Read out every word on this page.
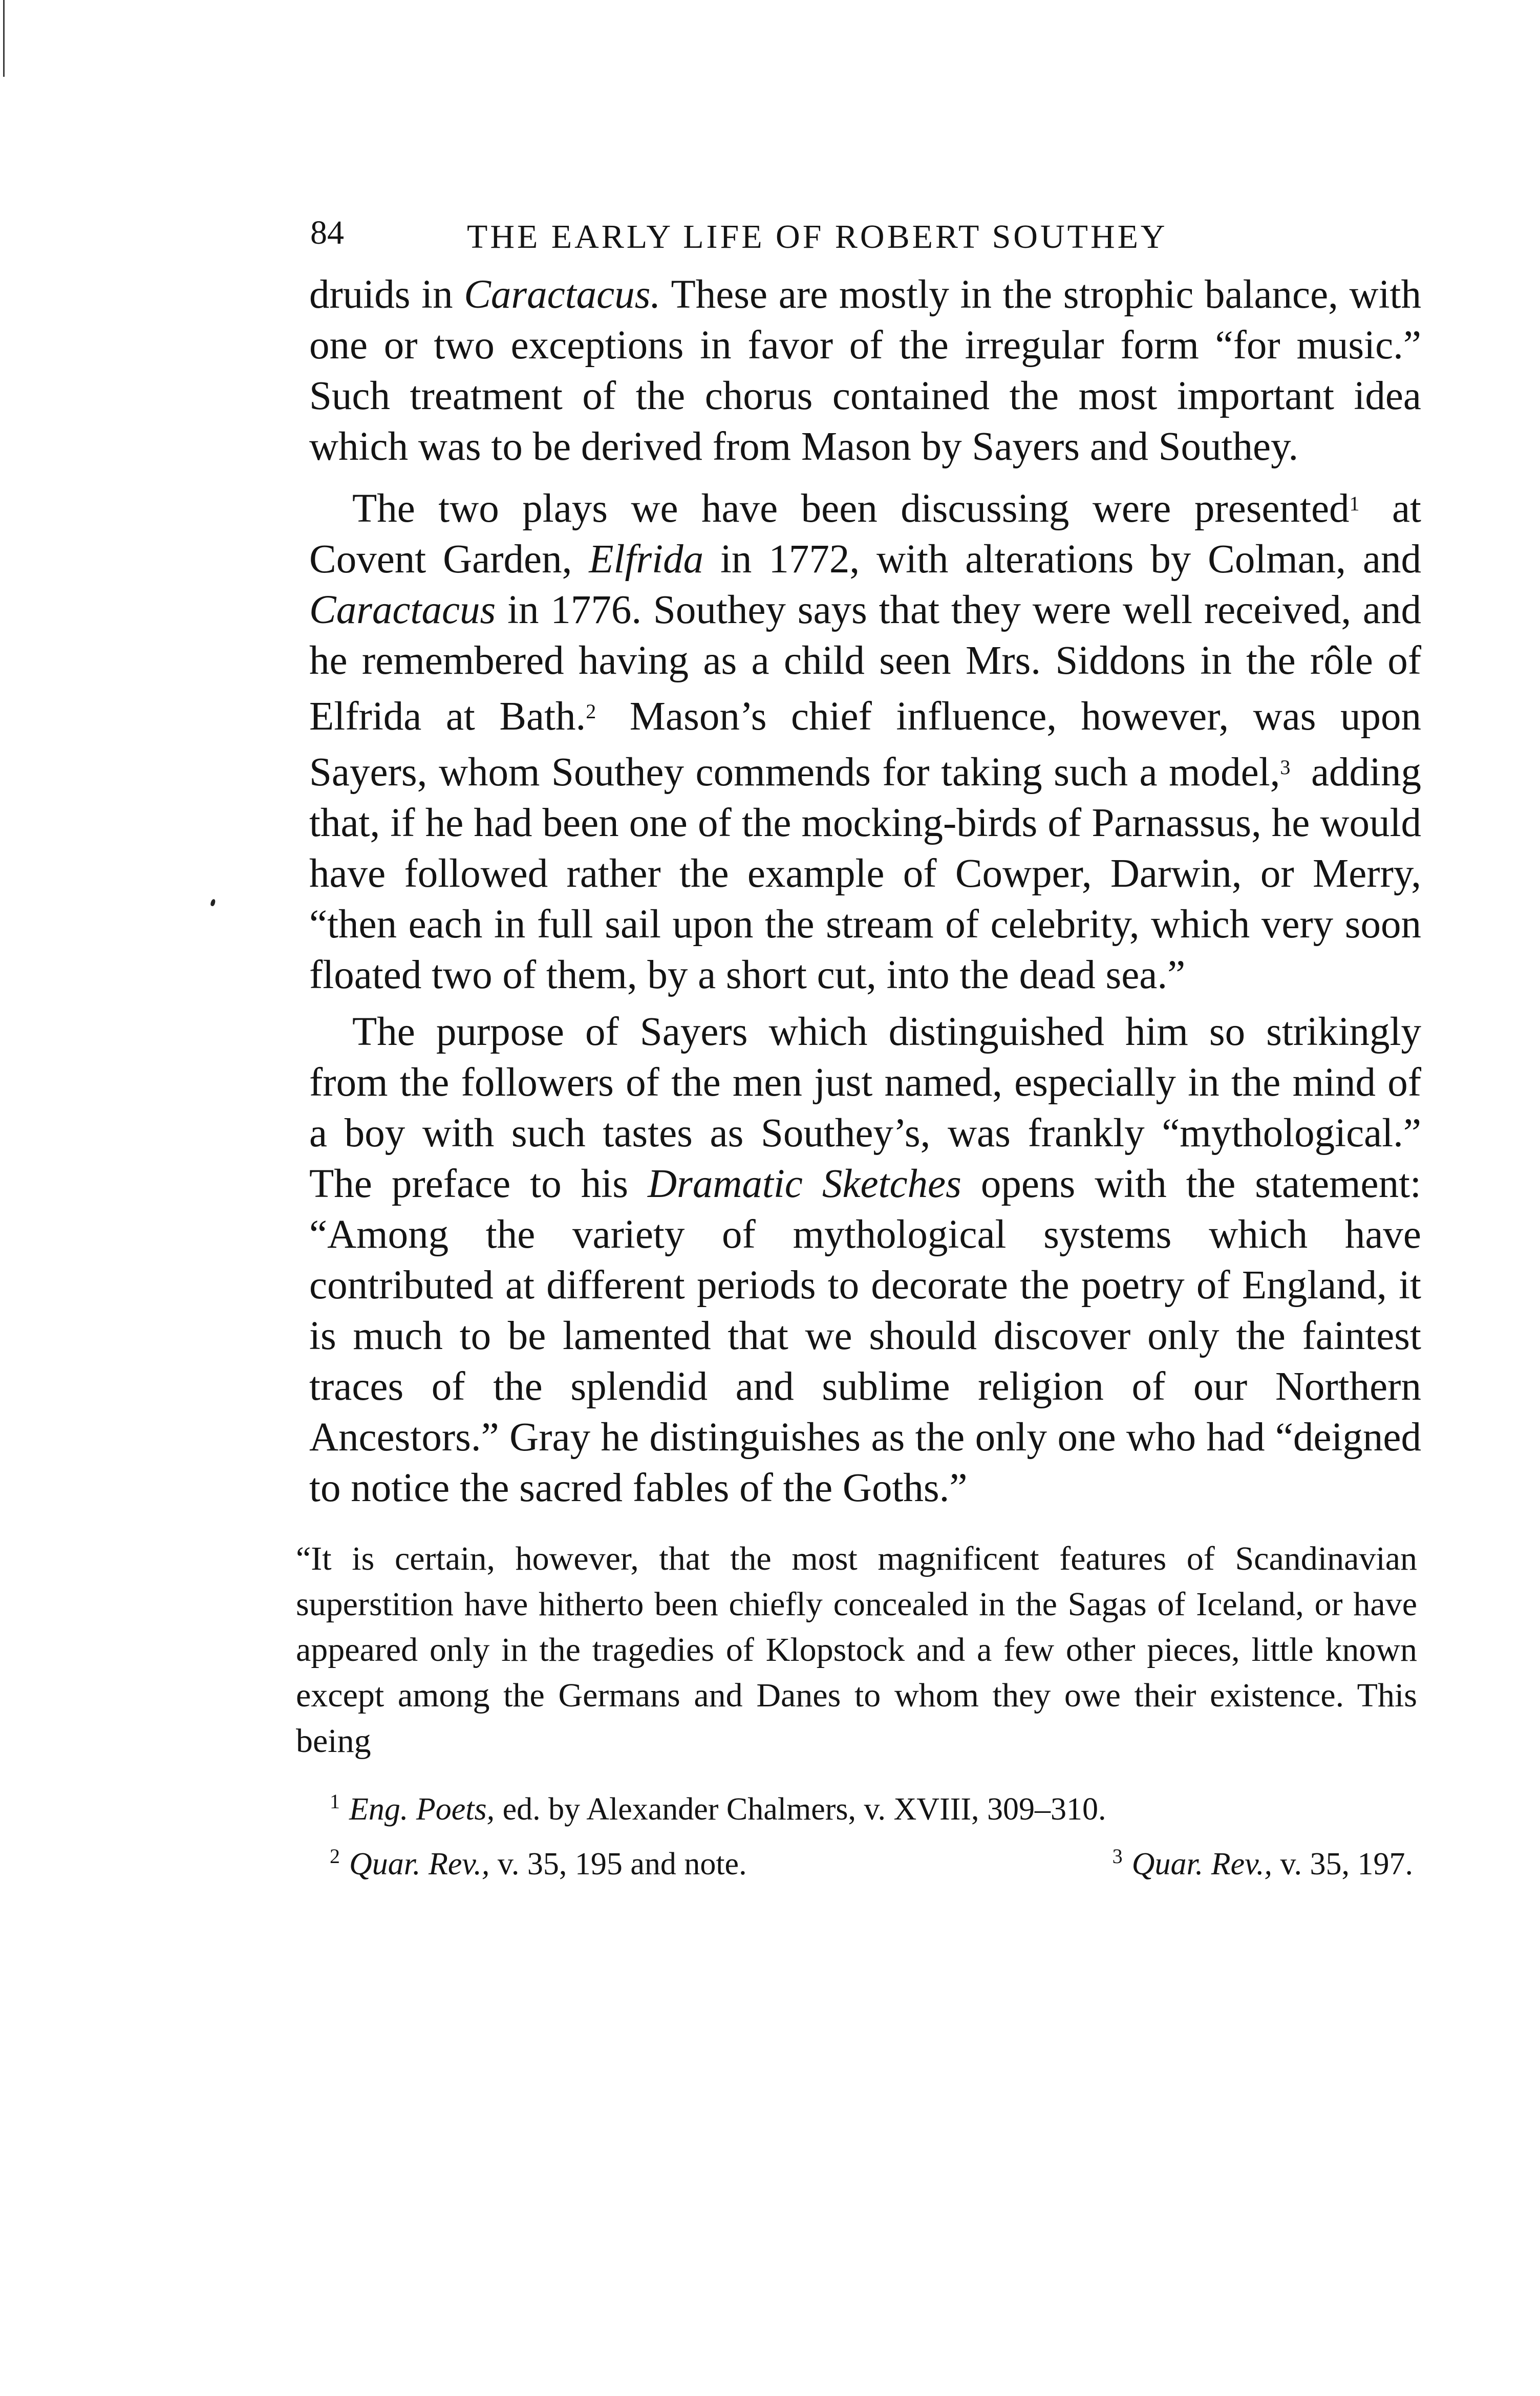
84	THE EARLY LIFE OF ROBERT SOUTHEY

druids in Caractacus. These are mostly in the strophic balance, with one or two exceptions in favor of the irregular form “for music.” Such treatment of the chorus contained the most important idea which was to be derived from Mason by Sayers and Southey.

The two plays we have been discussing were presented$^1$ at Covent Garden, Elfrida in 1772, with alterations by Colman, and Caractacus in 1776. Southey says that they were well received, and he remembered having as a child seen Mrs. Siddons in the rôle of Elfrida at Bath.$^2$ Mason’s chief influence, however, was upon Sayers, whom Southey commends for taking such a model,$^3$ adding that, if he had been one of the mocking-birds of Parnassus, he would have followed rather the example of Cowper, Darwin, or Merry, “then each in full sail upon the stream of celebrity, which very soon floated two of them, by a short cut, into the dead sea.”

The purpose of Sayers which distinguished him so strikingly from the followers of the men just named, especially in the mind of a boy with such tastes as Southey’s, was frankly “mythological.” The preface to his Dramatic Sketches opens with the statement: “Among the variety of mythological systems which have contributed at different periods to decorate the poetry of England, it is much to be lamented that we should discover only the faintest traces of the splendid and sublime religion of our Northern Ancestors.” Gray he distinguishes as the only one who had “deigned to notice the sacred fables of the Goths.”

“It is certain, however, that the most magnificent features of Scandinavian superstition have hitherto been chiefly concealed in the Sagas of Iceland, or have appeared only in the tragedies of Klopstock and a few other pieces, little known except among the Germans and Danes to whom they owe their existence. This being

$^1$ Eng. Poets, ed. by Alexander Chalmers, v. XVIII, 309–310.
$^2$ Quar. Rev., v. 35, 195 and note.	$^3$ Quar. Rev., v. 35, 197.
